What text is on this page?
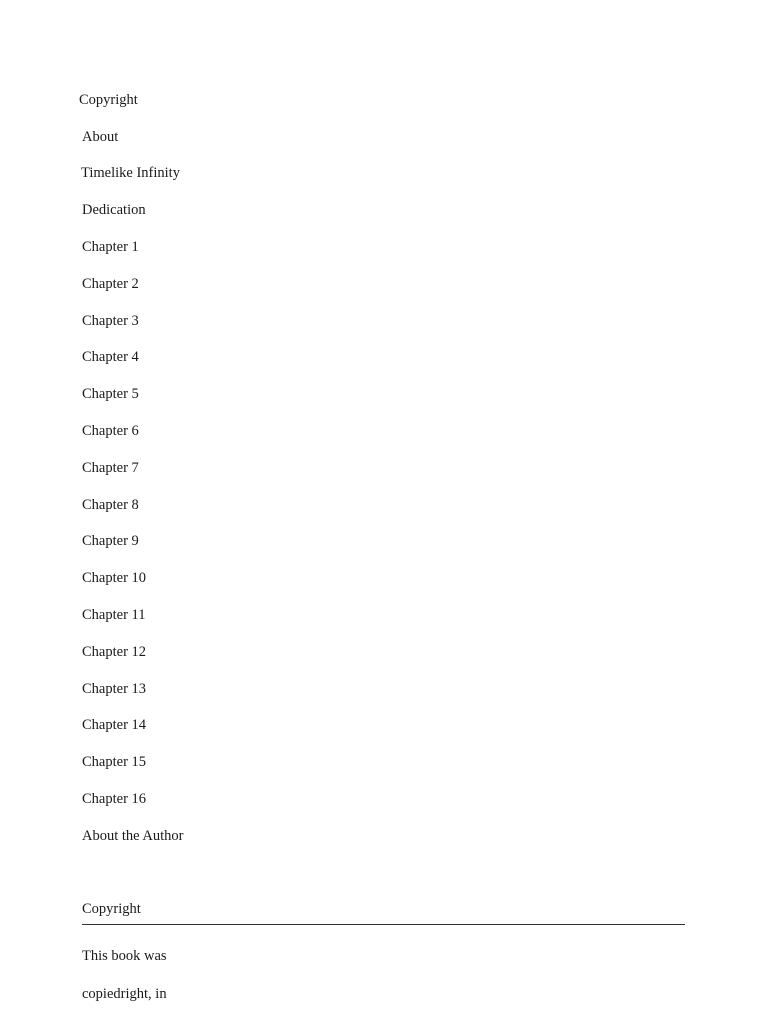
Copyright
About
Timelike Infinity
Dedication
Chapter 1
Chapter 2
Chapter 3
Chapter 4
Chapter 5
Chapter 6
Chapter 7
Chapter 8
Chapter 9
Chapter 10
Chapter 11
Chapter 12
Chapter 13
Chapter 14
Chapter 15
Chapter 16
About the Author
Copyright
This book was
copiedright, in
